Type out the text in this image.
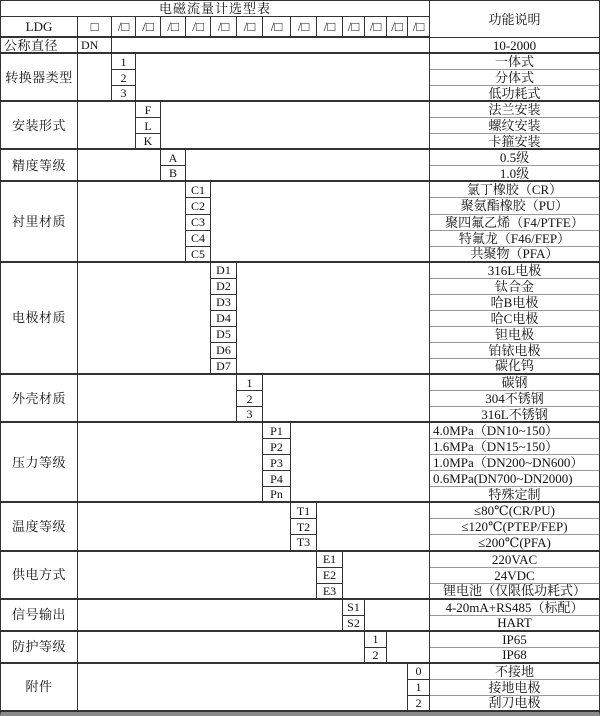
电磁流量计选型表
功能说明
LDG	□	/□	/□	/□	/□	/□	/□	/□	/□	/□ /□ /□ /□ /□
公称直径	DN	10-2000
转换器类型
1	一体式
2	分体式
3	低功耗式
安装形式
F	法兰安装
L	螺纹安装
K	卡箍安装
精度等级
A	0.5级
B	1.0级
衬里材质
C1	氯丁橡胶（CR）
C2	聚氨酯橡胶（PU）
C3	聚四氟乙烯（F4/PTFE）
C4	特氟龙（F46/FEP）
C5	共聚物（PFA）
电极材质
D1	316L电极
D2	钛合金
D3	哈B电极
D4	哈C电极
D5	钽电极
D6	铂铱电极
D7	碳化钨
外壳材质
1	碳钢
2	304不锈钢
3	316L不锈钢
压力等级
P1	4.0MPa（DN10~150）
P2	1.6MPa（DN15~150）
P3	1.0MPa（DN200~DN600）
P4	0.6MPa(DN700~DN2000)
Pn	特殊定制
温度等级
T1	≤80℃(CR/PU)
T2	≤120℃(PTEP/FEP)
T3	≤200℃(PFA)
供电方式
E1	220VAC
E2	24VDC
E3	锂电池（仅限低功耗式）
信号输出
S1	4-20mA+RS485（标配）
S2	HART
防护等级
1	IP65
2	IP68
附件
0	不接地
1	接地电极
2	刮刀电极
